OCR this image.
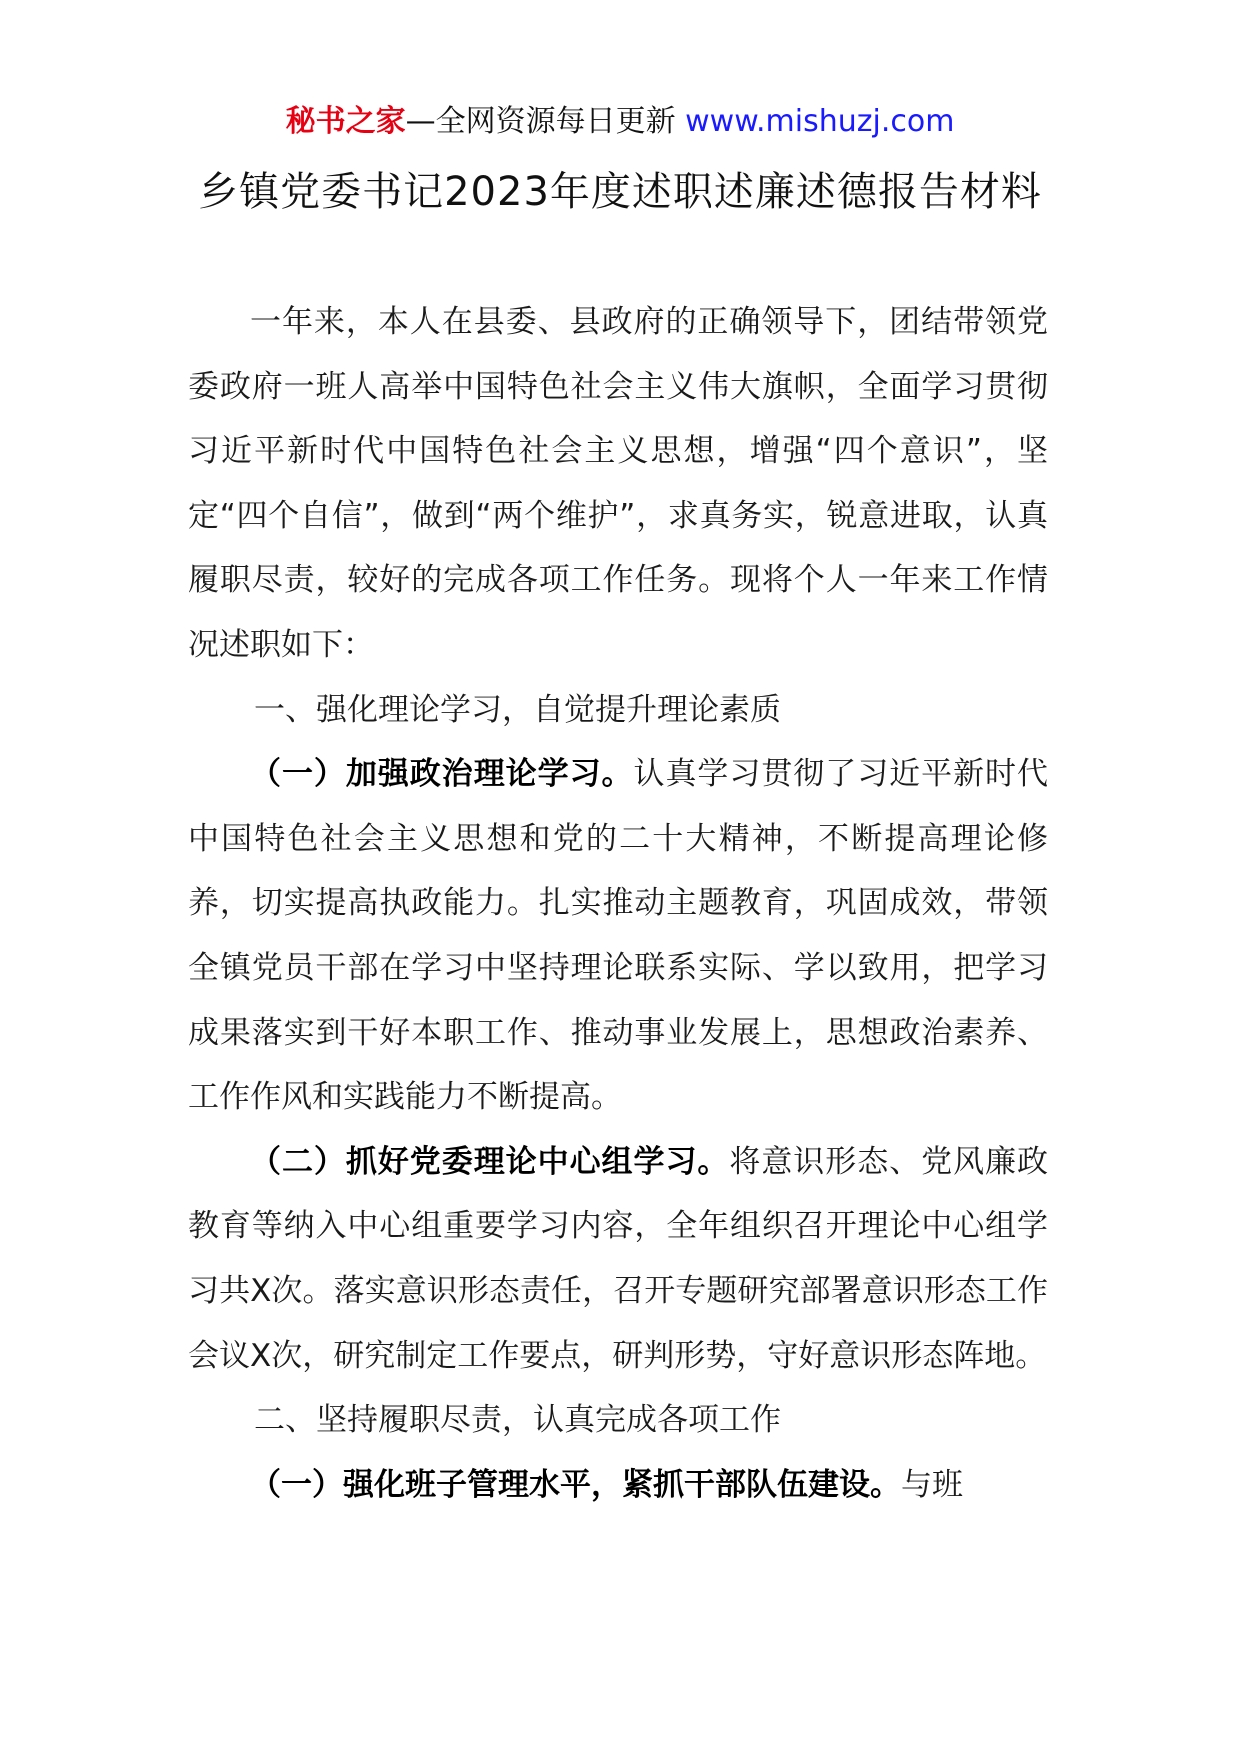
秘书之家—全网资源每日更新 www.mishuzj.com
乡镇党委书记2023年度述职述廉述德报告材料

一年来，本人在县委、县政府的正确领导下，团结带领党委政府一班人高举中国特色社会主义伟大旗帜，全面学习贯彻习近平新时代中国特色社会主义思想，增强“四个意识”，坚定“四个自信”，做到“两个维护”，求真务实，锐意进取，认真履职尽责，较好的完成各项工作任务。现将个人一年来工作情况述职如下：

一、强化理论学习，自觉提升理论素质

（一）加强政治理论学习。认真学习贯彻了习近平新时代中国特色社会主义思想和党的二十大精神，不断提高理论修养，切实提高执政能力。扎实推动主题教育，巩固成效，带领全镇党员干部在学习中坚持理论联系实际、学以致用，把学习成果落实到干好本职工作、推动事业发展上，思想政治素养、工作作风和实践能力不断提高。

（二）抓好党委理论中心组学习。将意识形态、党风廉政教育等纳入中心组重要学习内容，全年组织召开理论中心组学习共X次。落实意识形态责任，召开专题研究部署意识形态工作会议X次，研究制定工作要点，研判形势，守好意识形态阵地。

二、坚持履职尽责，认真完成各项工作

（一）强化班子管理水平，紧抓干部队伍建设。与班
